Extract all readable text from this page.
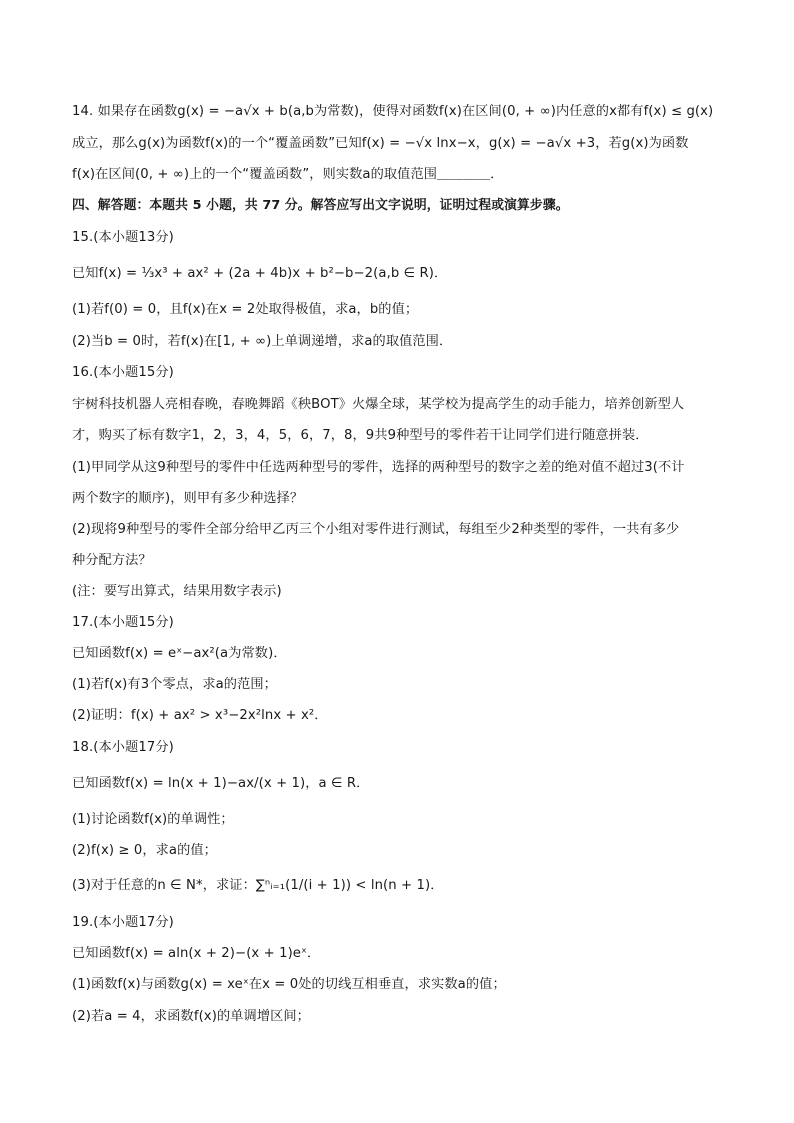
14. 如果存在函数g(x) = −a√x + b(a,b为常数)，使得对函数f(x)在区间(0, + ∞)内任意的x都有f(x) ≤ g(x)
成立，那么g(x)为函数f(x)的一个“覆盖函数”已知f(x) = −√x lnx−x，g(x) = −a√x +3，若g(x)为函数
f(x)在区间(0, + ∞)上的一个“覆盖函数”，则实数a的取值范围＿＿＿＿．
四、解答题：本题共 5 小题，共 77 分。解答应写出文字说明，证明过程或演算步骤。
15.(本小题13分)
已知f(x) = ⅓x³ + ax² + (2a + 4b)x + b²−b−2(a,b ∈ R)．
(1)若f(0) = 0，且f(x)在x = 2处取得极值，求a，b的值；
(2)当b = 0时，若f(x)在[1, + ∞)上单调递增，求a的取值范围．
16.(本小题15分)
宇树科技机器人亮相春晚，春晚舞蹈《秧BOT》火爆全球，某学校为提高学生的动手能力，培养创新型人
才，购买了标有数字1，2，3，4，5，6，7，8，9共9种型号的零件若干让同学们进行随意拼装．
(1)甲同学从这9种型号的零件中任选两种型号的零件，选择的两种型号的数字之差的绝对值不超过3(不计
两个数字的顺序)，则甲有多少种选择？
(2)现将9种型号的零件全部分给甲乙丙三个小组对零件进行测试，每组至少2种类型的零件，一共有多少
种分配方法？
(注：要写出算式，结果用数字表示)
17.(本小题15分)
已知函数f(x) = eˣ−ax²(a为常数)．
(1)若f(x)有3个零点，求a的范围；
(2)证明：f(x) + ax² > x³−2x²lnx + x²．
18.(本小题17分)
已知函数f(x) = ln(x + 1)−ax/(x + 1)，a ∈ R．
(1)讨论函数f(x)的单调性；
(2)f(x) ≥ 0，求a的值；
(3)对于任意的n ∈ N*，求证：∑ⁿᵢ₌₁(1/(i + 1)) < ln(n + 1)．
19.(本小题17分)
已知函数f(x) = aln(x + 2)−(x + 1)eˣ．
(1)函数f(x)与函数g(x) = xeˣ在x = 0处的切线互相垂直，求实数a的值；
(2)若a = 4，求函数f(x)的单调增区间；
